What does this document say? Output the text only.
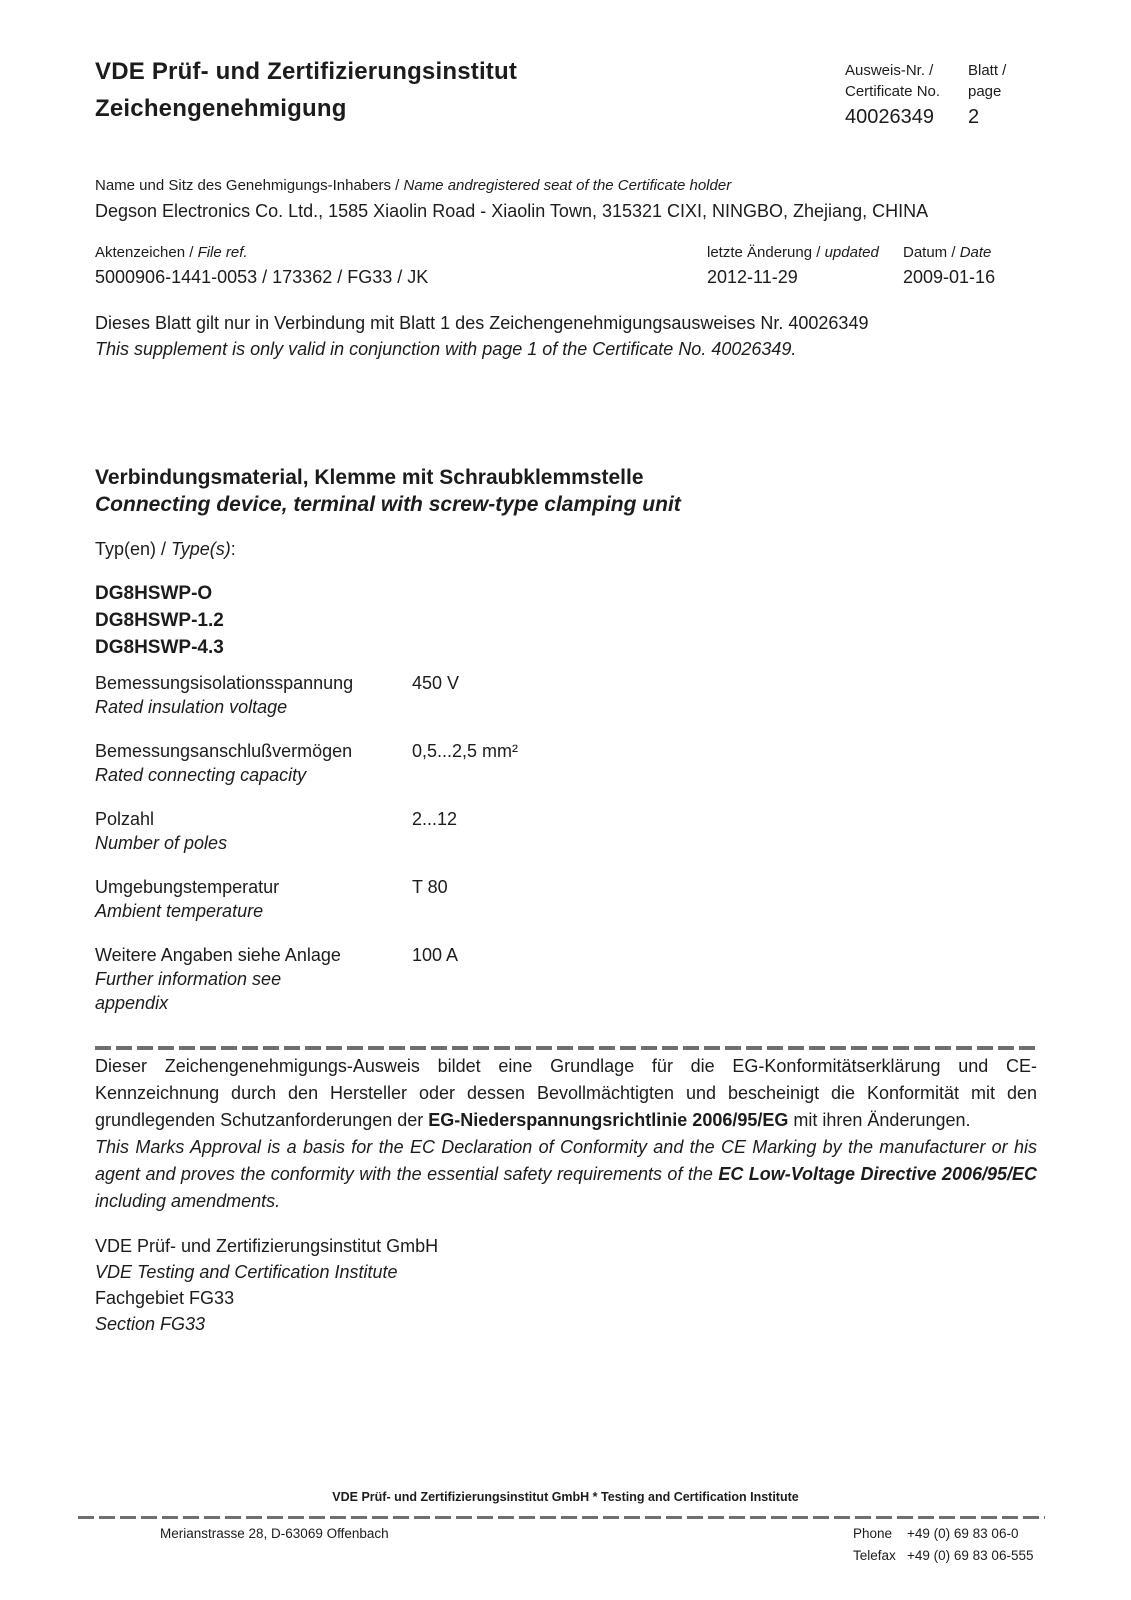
VDE Prüf- und Zertifizierungsinstitut
Zeichengenehmigung
Ausweis-Nr. /
Certificate No.
40026349
Blatt /
page
2
Name und Sitz des Genehmigungs-Inhabers / Name andregistered seat of the Certificate holder
Degson Electronics Co. Ltd., 1585 Xiaolin Road - Xiaolin Town, 315321 CIXI, NINGBO, Zhejiang, CHINA
Aktenzeichen / File ref.
5000906-1441-0053 / 173362 / FG33 / JK
letzte Änderung / updated
2012-11-29
Datum / Date
2009-01-16
Dieses Blatt gilt nur in Verbindung mit Blatt 1 des Zeichengenehmigungsausweises Nr. 40026349
This supplement is only valid in conjunction with page 1 of the Certificate No. 40026349.
Verbindungsmaterial, Klemme mit Schraubklemmstelle
Connecting device, terminal with screw-type clamping unit
Typ(en) / Type(s):
DG8HSWP-O
DG8HSWP-1.2
DG8HSWP-4.3
Bemessungsisolationsspannung
Rated insulation voltage
450 V
Bemessungsanschlußvermögen
Rated connecting capacity
0,5...2,5 mm²
Polzahl
Number of poles
2...12
Umgebungstemperatur
Ambient temperature
T 80
Weitere Angaben siehe Anlage
Further information see appendix
100 A

Dieser Zeichengenehmigungs-Ausweis bildet eine Grundlage für die EG-Konformitätserklärung und CE-Kennzeichnung durch den Hersteller oder dessen Bevollmächtigten und bescheinigt die Konformität mit den grundlegenden Schutzanforderungen der EG-Niederspannungsrichtlinie 2006/95/EG mit ihren Änderungen.

This Marks Approval is a basis for the EC Declaration of Conformity and the CE Marking by the manufacturer or his agent and proves the conformity with the essential safety requirements of the EC Low-Voltage Directive 2006/95/EC including amendments.

VDE Prüf- und Zertifizierungsinstitut GmbH
VDE Testing and Certification Institute
Fachgebiet FG33
Section FG33
VDE Prüf- und Zertifizierungsinstitut GmbH * Testing and Certification Institute
Merianstrasse 28, D-63069 Offenbach	Phone +49 (0) 69 83 06-0
Telefax +49 (0) 69 83 06-555
